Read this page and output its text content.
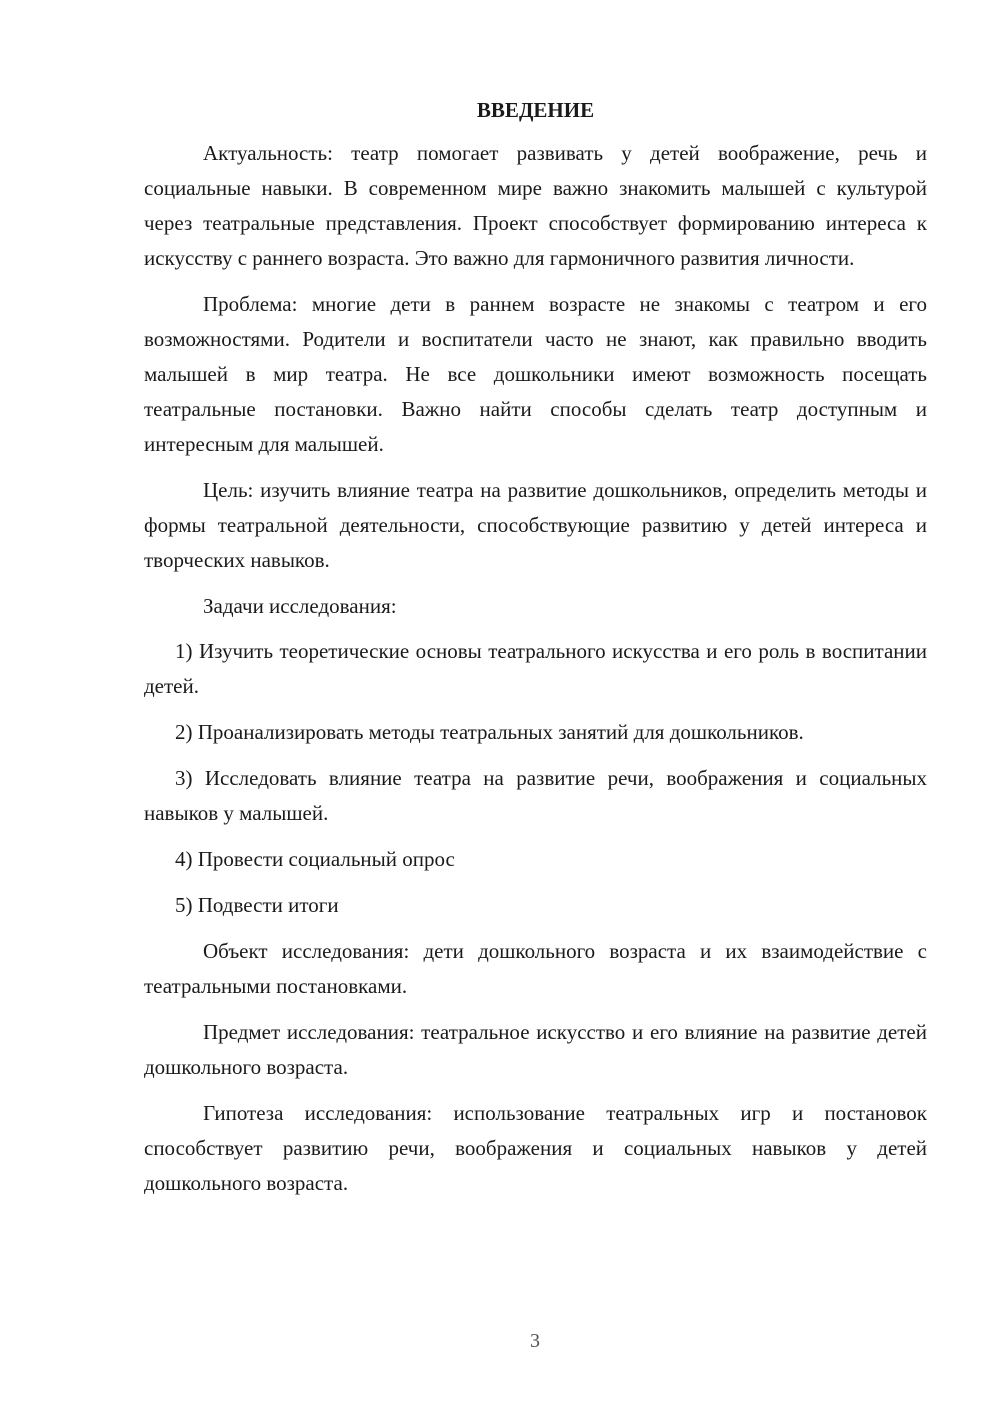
ВВЕДЕНИЕ

Актуальность: театр помогает развивать у детей воображение, речь и социальные навыки. В современном мире важно знакомить малышей с культурой через театральные представления. Проект способствует формированию интереса к искусству с раннего возраста. Это важно для гармоничного развития личности.

Проблема: многие дети в раннем возрасте не знакомы с театром и его возможностями. Родители и воспитатели часто не знают, как правильно вводить малышей в мир театра. Не все дошкольники имеют возможность посещать театральные постановки. Важно найти способы сделать театр доступным и интересным для малышей.

Цель: изучить влияние театра на развитие дошкольников, определить методы и формы театральной деятельности, способствующие развитию у детей интереса и творческих навыков.

Задачи исследования:

1) Изучить теоретические основы театрального искусства и его роль в воспитании детей.

2) Проанализировать методы театральных занятий для дошкольников.

3) Исследовать влияние театра на развитие речи, воображения и социальных навыков у малышей.

4) Провести социальный опрос

5) Подвести итоги

Объект исследования: дети дошкольного возраста и их взаимодействие с театральными постановками.

Предмет исследования: театральное искусство и его влияние на развитие детей дошкольного возраста.

Гипотеза исследования: использование театральных игр и постановок способствует развитию речи, воображения и социальных навыков у детей дошкольного возраста.

3
